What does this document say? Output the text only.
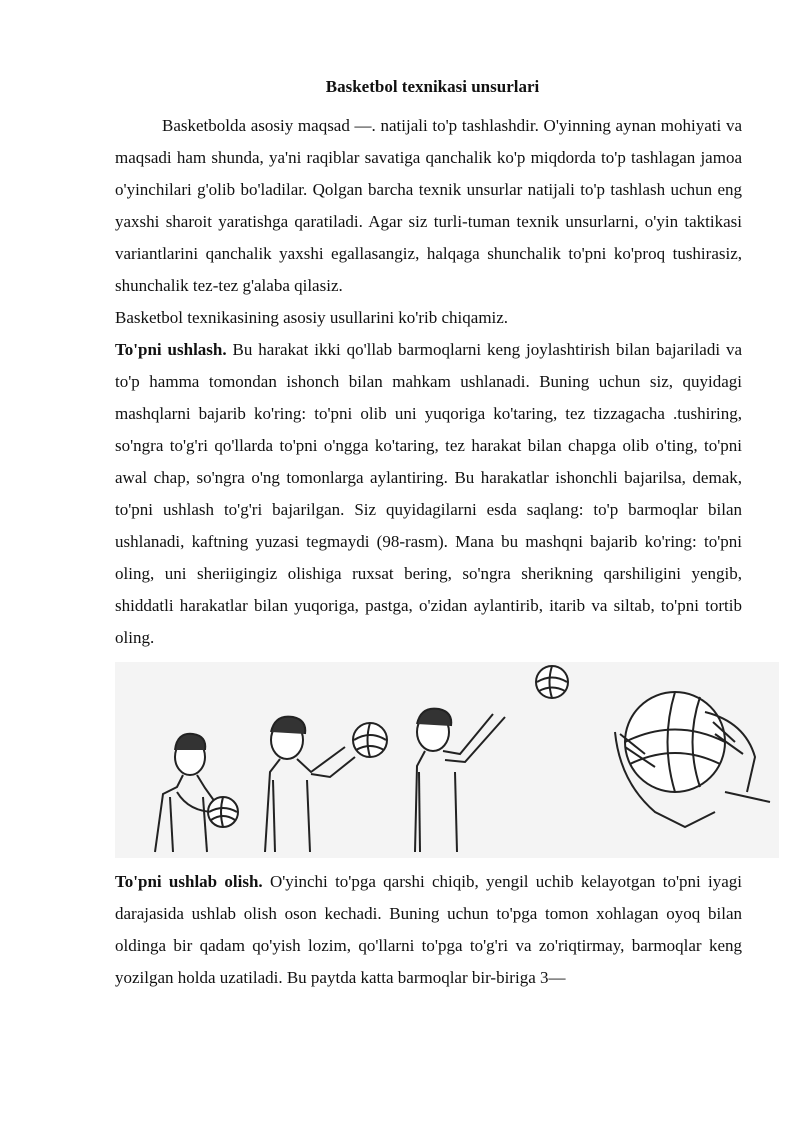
Basketbol texnikasi unsurlari

Basketbolda asosiy maqsad —. natijali to'p tashlashdir. O'yinning aynan mohiyati va maqsadi ham shunda, ya'ni raqiblar savatiga qanchalik ko'p miqdorda to'p tashlagan jamoa o'yinchilari g'olib bo'ladilar. Qolgan barcha texnik unsurlar natijali to'p tashlash uchun eng yaxshi sharoit yaratishga qaratiladi. Agar siz turli-tuman texnik unsurlarni, o'yin taktikasi variantlarini qanchalik yaxshi egallasangiz, halqaga shunchalik to'pni ko'proq tushirasiz, shunchalik tez-tez g'alaba qilasiz.

Basketbol texnikasining asosiy usullarini ko'rib chiqamiz.

To'pni ushlash. Bu harakat ikki qo'llab barmoqlarni keng joylashtirish bilan bajariladi va to'p hamma tomondan ishonch bilan mahkam ushlanadi. Buning uchun siz, quyidagi mashqlarni bajarib ko'ring: to'pni olib uni yuqoriga ko'taring, tez tizzagacha .tushiring, so'ngra to'g'ri qo'llarda to'pni o'ngga ko'taring, tez harakat bilan chapga olib o'ting, to'pni awal chap, so'ngra o'ng tomonlarga aylantiring. Bu harakatlar ishonchli bajarilsa, demak, to'pni ushlash to'g'ri bajarilgan. Siz quyidagilarni esda saqlang: to'p barmoqlar bilan ushlanadi, kaftning yuzasi tegmaydi (98-rasm). Mana bu mashqni bajarib ko'ring: to'pni oling, uni sheriigingiz olishiga ruxsat bering, so'ngra sherikning qarshiligini yengib, shiddatli harakatlar bilan yuqoriga, pastga, o'zidan aylantirib, itarib va siltab, to'pni tortib oling.

To'pni ushlab olish. O'yinchi to'pga qarshi chiqib, yengil uchib kelayotgan to'pni iyagi darajasida ushlab olish oson kechadi. Buning uchun to'pga tomon xohlagan oyoq bilan oldinga bir qadam qo'yish lozim, qo'llarni to'pga to'g'ri va zo'riqtirmay, barmoqlar keng yozilgan holda uzatiladi. Bu paytda katta barmoqlar bir-biriga 3—
